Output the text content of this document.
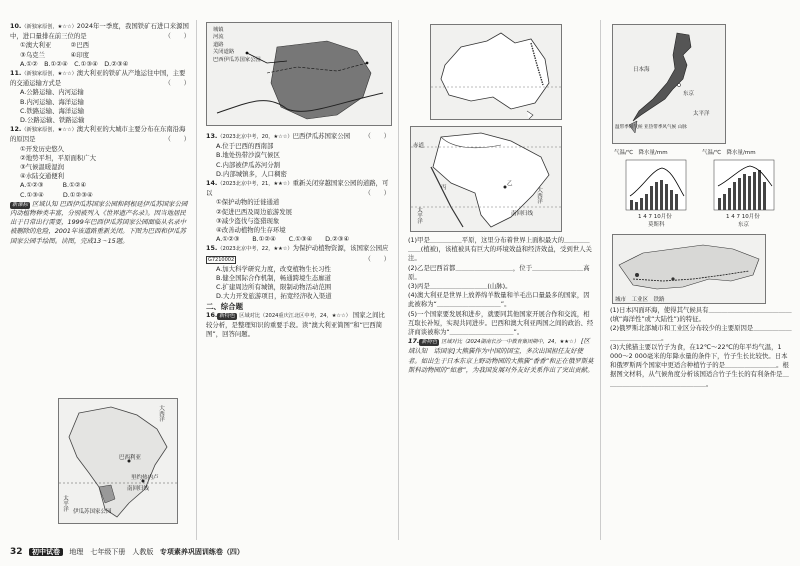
10.（新独家原创，★☆☆）2024年一季度，我国铁矿石进口来源国中，进口量排在前三位的是	（　　）

①澳大利亚　　　②巴西

③乌克兰　　　　④印度

A.①②　B.①②④　C.①③④　D.②③④

11.（新独家原创，★☆☆）澳大利亚的铁矿从产地运往中国，主要的交通运输方式是	（　　）

A.公路运输、内河运输

B.内河运输、海洋运输

C.铁路运输、海洋运输

D.公路运输、铁路运输

12.（新独家原创，★☆☆）澳大利亚的大城市主要分布在东南沿海的原因是	（　　）

①开发历史悠久

②地势平坦，平原面积广大

③气候温暖湿润

④水陆交通便利

A.①②③　　　B.①②④

C.①③④　　　D.①②③④

新课标 区域认知 巴西伊瓜苏国家公园和阿根廷伊瓜苏国家公园内动植物种类丰富，分别被列入《世界遗产名录》。因当地居民出于日常出行需要，1999年巴西伊瓜苏国家公园面临从名录中被删除的危险，2001年该道路重新关闭。下图为巴西和伊瓜苏国家公园手绘图。读图，完成13～15题。

大西洋
太平洋
巴西利亚
南回归线
里约热内卢
伊瓜苏国家公园
城镇
河流
道路
关闭道路
巴西伊瓜苏国家公园

13.（2023北京中考，20，★☆☆）巴西伊瓜苏国家公园 （　　）

A.位于巴西的西南部

B.地处热带沙漠气候区

C.内部被伊瓜苏河分割

D.内部城镇多，人口稠密

14.（2023北京中考，21，★★☆）重新关闭穿越国家公园的道路，可以	（　　）

①保护动物的迁徙通道

②促进巴西及周边旅游发展

③减少盗伐与盗猎现象

④改善动植物的生存环境

A.①②③　　B.①②④　　C.①③④　　D.②③④

15.（2023北京中考，22，★★☆）为保护动植物资源，该国家公园应 G7210002	（　　）

A.加大科学研究力度，改变植物生长习性

B.健全国际合作机制，畅通跨境生态廊道

C.扩建周边所有城镇，限制动物活动范围

D.大力开发旅游项目，拓宽经济收入渠道

二、综合题

16. 新特色 区域对比（2024重庆江北区中考，24，★☆☆） 国家之间比较分析，是整理知识的重要手段。读“澳大利亚简图”和“巴西简图”，回答问题。

太平洋
大西洋
乙
丙
赤道
南回归线

(1)甲是＿＿＿＿＿平原，这里分布着世界上面积最大的＿＿＿＿＿＿(植被)，该植被具有巨大的环境效益和经济效益，受到世人关注。

(2)乙是巴西首都＿＿＿＿＿＿＿＿＿，位于＿＿＿＿＿＿＿＿高原。

(3)丙是＿＿＿＿＿＿＿＿＿(山脉)。

(4)澳大利亚是世界上放养绵羊数量和羊毛出口量最多的国家，因此被称为“＿＿＿＿＿＿＿＿＿＿”。

(5)一个国家要发展和进步，就要同其他国家开展合作和交流，相互取长补短，实现共同进步。巴西和澳大利亚两国之间的政治、经济商谈被称为“＿＿＿＿＿＿＿＿＿＿”。

17. 新特色 区域对比（2024湖南长沙一中教育集团期中，24，★★☆） [区域认知　话国家]大熊猫作为中国的国宝，多次出国担任友好使者。如出生于日本东京上野动物园的大熊猫“香香”和正在俄罗斯莫斯科动物园的“如意”，为我国发展对外友好关系作出了突出贡献。

日本海
太平洋
东京
温带季风气候 亚热带季风气候 山脉
气温/℃　降水量/mm	气温/℃　降水量/mm
1 4 7 10月份	1 4 7 10月份
莫斯科	东京
城市　工业区　铁路

(1)日本四面环海，使得其气候具有＿＿＿＿＿＿＿＿＿＿＿＿＿(填“海洋性”或“大陆性”)的特征。

(2)俄罗斯北部城市和工业区分布较少的主要原因是＿＿＿＿＿＿＿＿＿＿＿＿＿＿。

(3)大熊猫主要以竹子为食，在12℃～22℃的年平均气温，1 000～2 000毫米的年降水量的条件下，竹子生长比较快。日本和俄罗斯两个国家中更适合种植竹子的是＿＿＿＿＿＿＿＿。根据图文材料，从气候角度分析该国适合竹子生长的有利条件是＿＿＿＿＿＿＿＿＿＿＿＿＿＿＿＿。

32 初中试卷 地理　七年级下册　人教版 专项素养巩固训练卷（四）
